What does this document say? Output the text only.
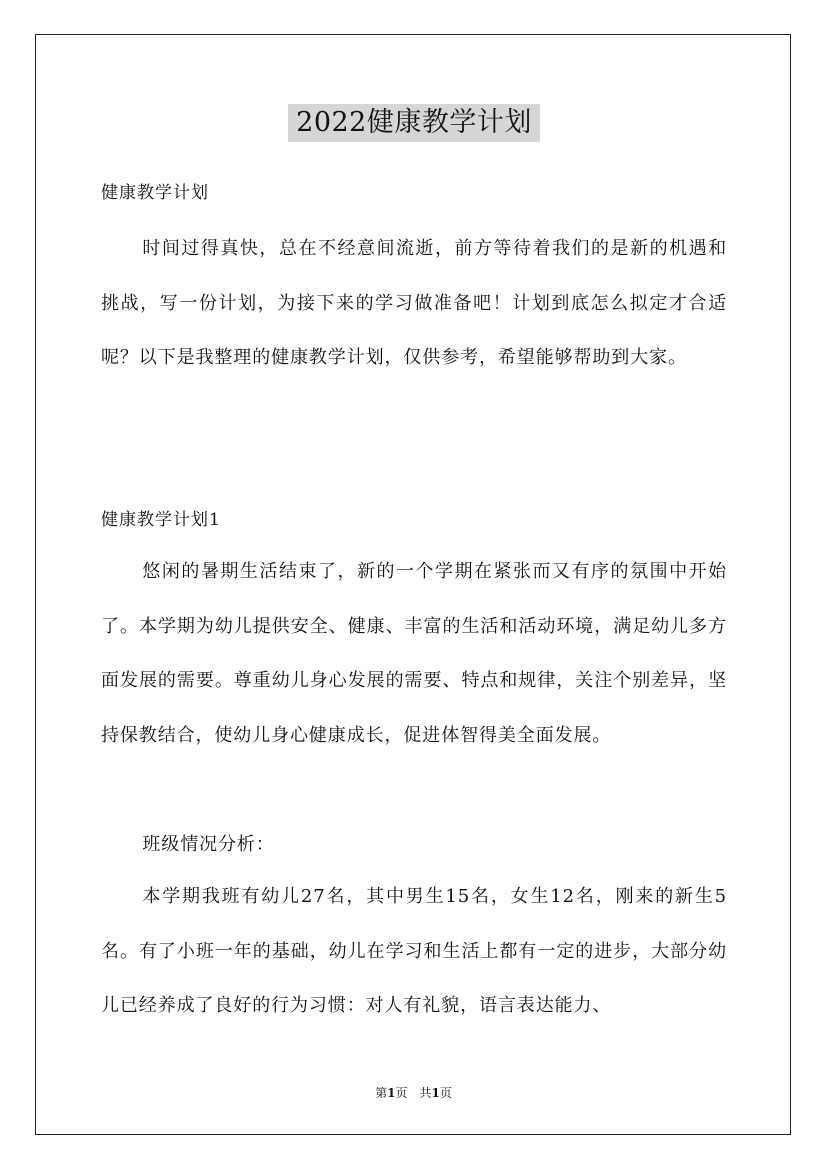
2022健康教学计划
健康教学计划

时间过得真快，总在不经意间流逝，前方等待着我们的是新的机遇和挑战，写一份计划，为接下来的学习做准备吧！计划到底怎么拟定才合适呢？以下是我整理的健康教学计划，仅供参考，希望能够帮助到大家。

健康教学计划1

悠闲的暑期生活结束了，新的一个学期在紧张而又有序的氛围中开始了。本学期为幼儿提供安全、健康、丰富的生活和活动环境，满足幼儿多方面发展的需要。尊重幼儿身心发展的需要、特点和规律，关注个别差异，坚持保教结合，使幼儿身心健康成长，促进体智得美全面发展。

班级情况分析：

本学期我班有幼儿27名，其中男生15名，女生12名，刚来的新生5名。有了小班一年的基础，幼儿在学习和生活上都有一定的进步，大部分幼儿已经养成了良好的行为习惯：对人有礼貌，语言表达能力、

第1页　共1页
